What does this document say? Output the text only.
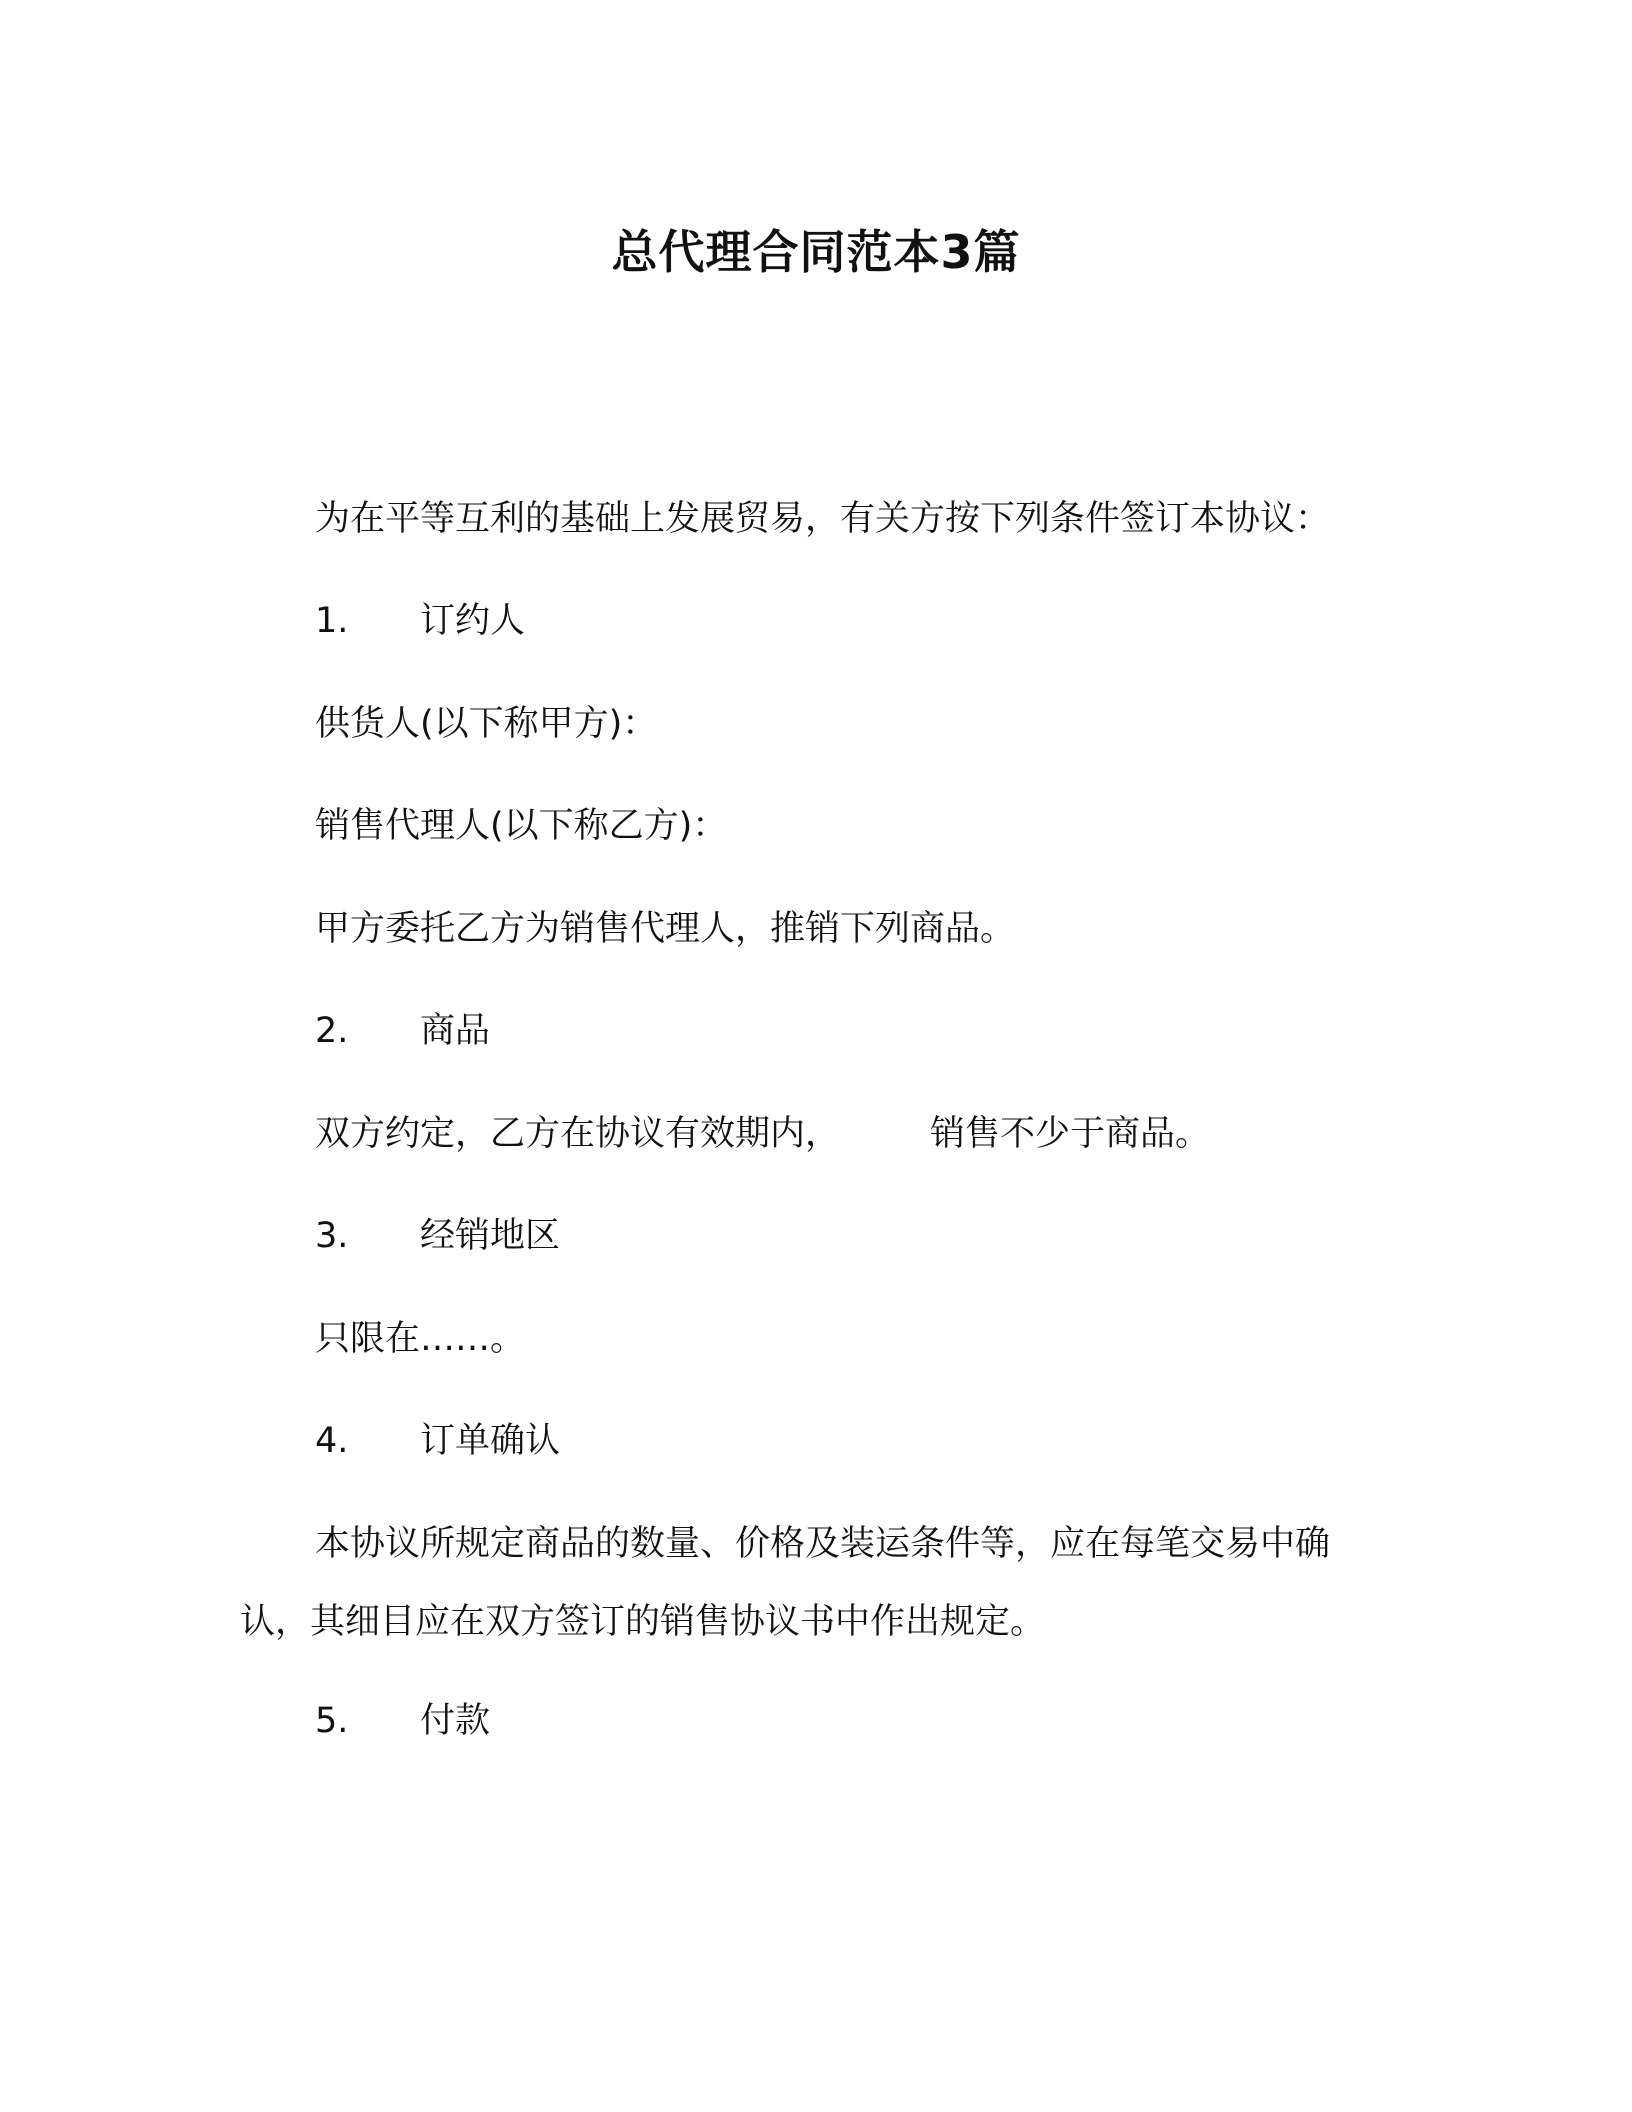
总代理合同范本3篇
为在平等互利的基础上发展贸易，有关方按下列条件签订本协议：
1. 订约人
供货人(以下称甲方)：
销售代理人(以下称乙方)：
甲方委托乙方为销售代理人，推销下列商品。
2. 商品
双方约定，乙方在协议有效期内，	销售不少于商品。
3. 经销地区
只限在……。
4. 订单确认
本协议所规定商品的数量、价格及装运条件等，应在每笔交易中确认，其细目应在双方签订的销售协议书中作出规定。
5. 付款
